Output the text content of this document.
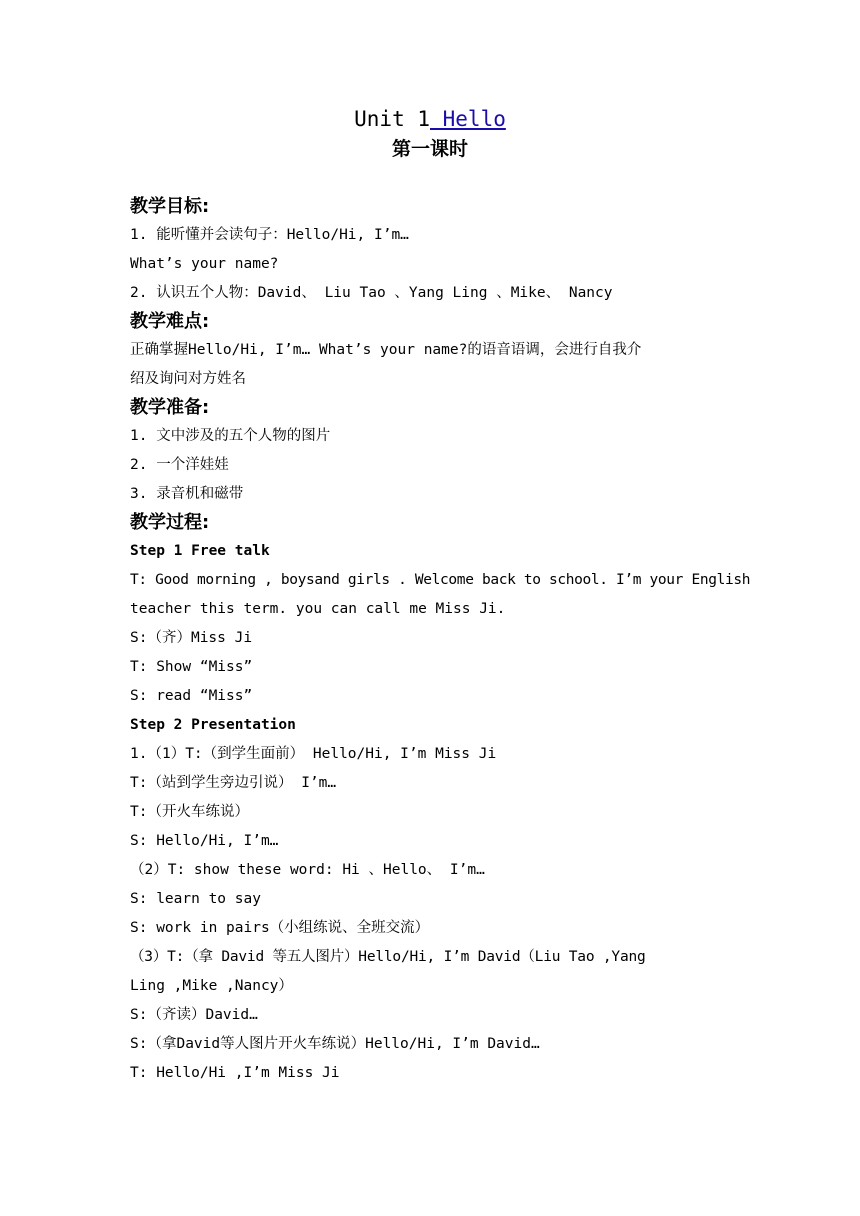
Unit 1 Hello
第一课时
教学目标:
1. 能听懂并会读句子：Hello/Hi, I’m…
What’s your name?
2. 认识五个人物：David、 Liu Tao 、Yang Ling 、Mike、 Nancy
教学难点:
正确掌握Hello/Hi, I’m… What’s your name?的语音语调，会进行自我介
绍及询问对方姓名
教学准备:
1. 文中涉及的五个人物的图片
2. 一个洋娃娃
3. 录音机和磁带
教学过程:
Step 1 Free talk
T: Good morning , boysand girls . Welcome back to school. I’m your English
teacher this term. you can call me Miss Ji.
S:（齐）Miss Ji
T: Show “Miss”
S: read “Miss”
Step 2 Presentation
1.（1）T:（到学生面前） Hello/Hi, I’m Miss Ji
T:（站到学生旁边引说） I’m…
T:（开火车练说）
S: Hello/Hi, I’m…
（2）T: show these word: Hi 、Hello、 I’m…
S: learn to say
S: work in pairs（小组练说、全班交流）
（3）T:（拿 David 等五人图片）Hello/Hi, I’m David（Liu Tao ,Yang
Ling ,Mike ,Nancy）
S:（齐读）David…
S:（拿David等人图片开火车练说）Hello/Hi, I’m David…
T: Hello/Hi ,I’m Miss Ji
